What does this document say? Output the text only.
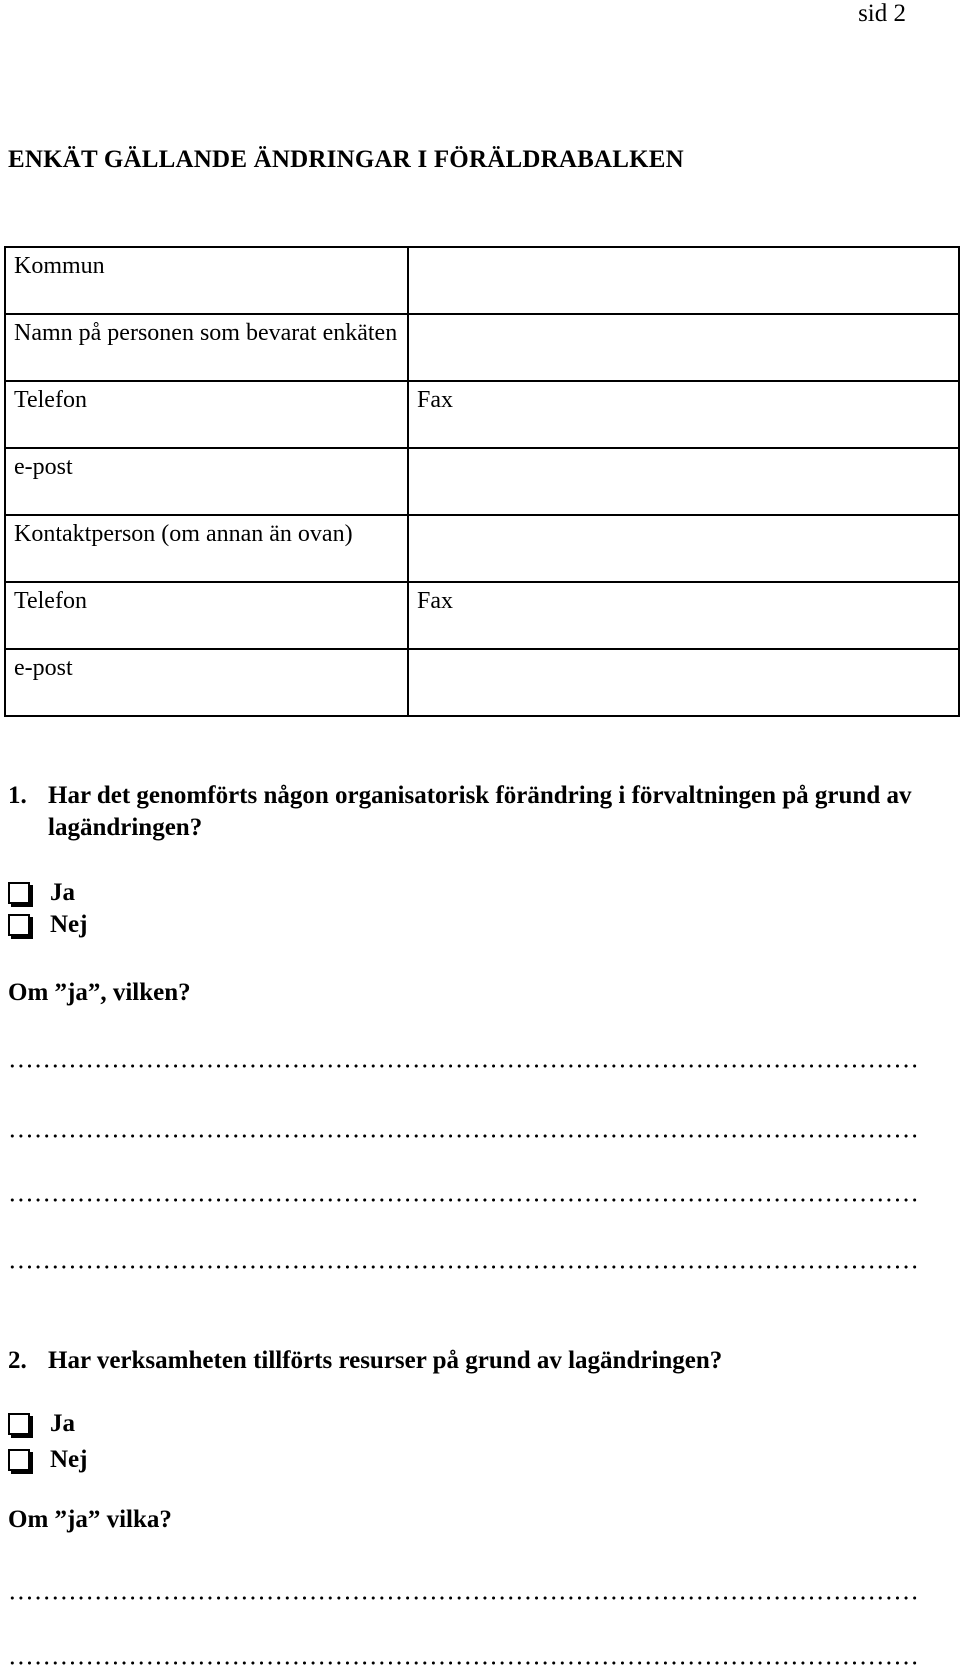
sid 2
ENKÄT GÄLLANDE ÄNDRINGAR I FÖRÄLDRABALKEN
Kommun	
Namn på personen som bevarat enkäten	
Telefon	Fax
e-post	
Kontaktperson (om annan än ovan)	
Telefon	Fax
e-post	
1. Har det genomförts någon organisatorisk förändring i förvaltningen på grund av lagändringen?
Ja
Nej
Om ”ja”, vilken?
2. Har verksamheten tillförts resurser på grund av lagändringen?
Ja
Nej
Om ”ja” vilka?
